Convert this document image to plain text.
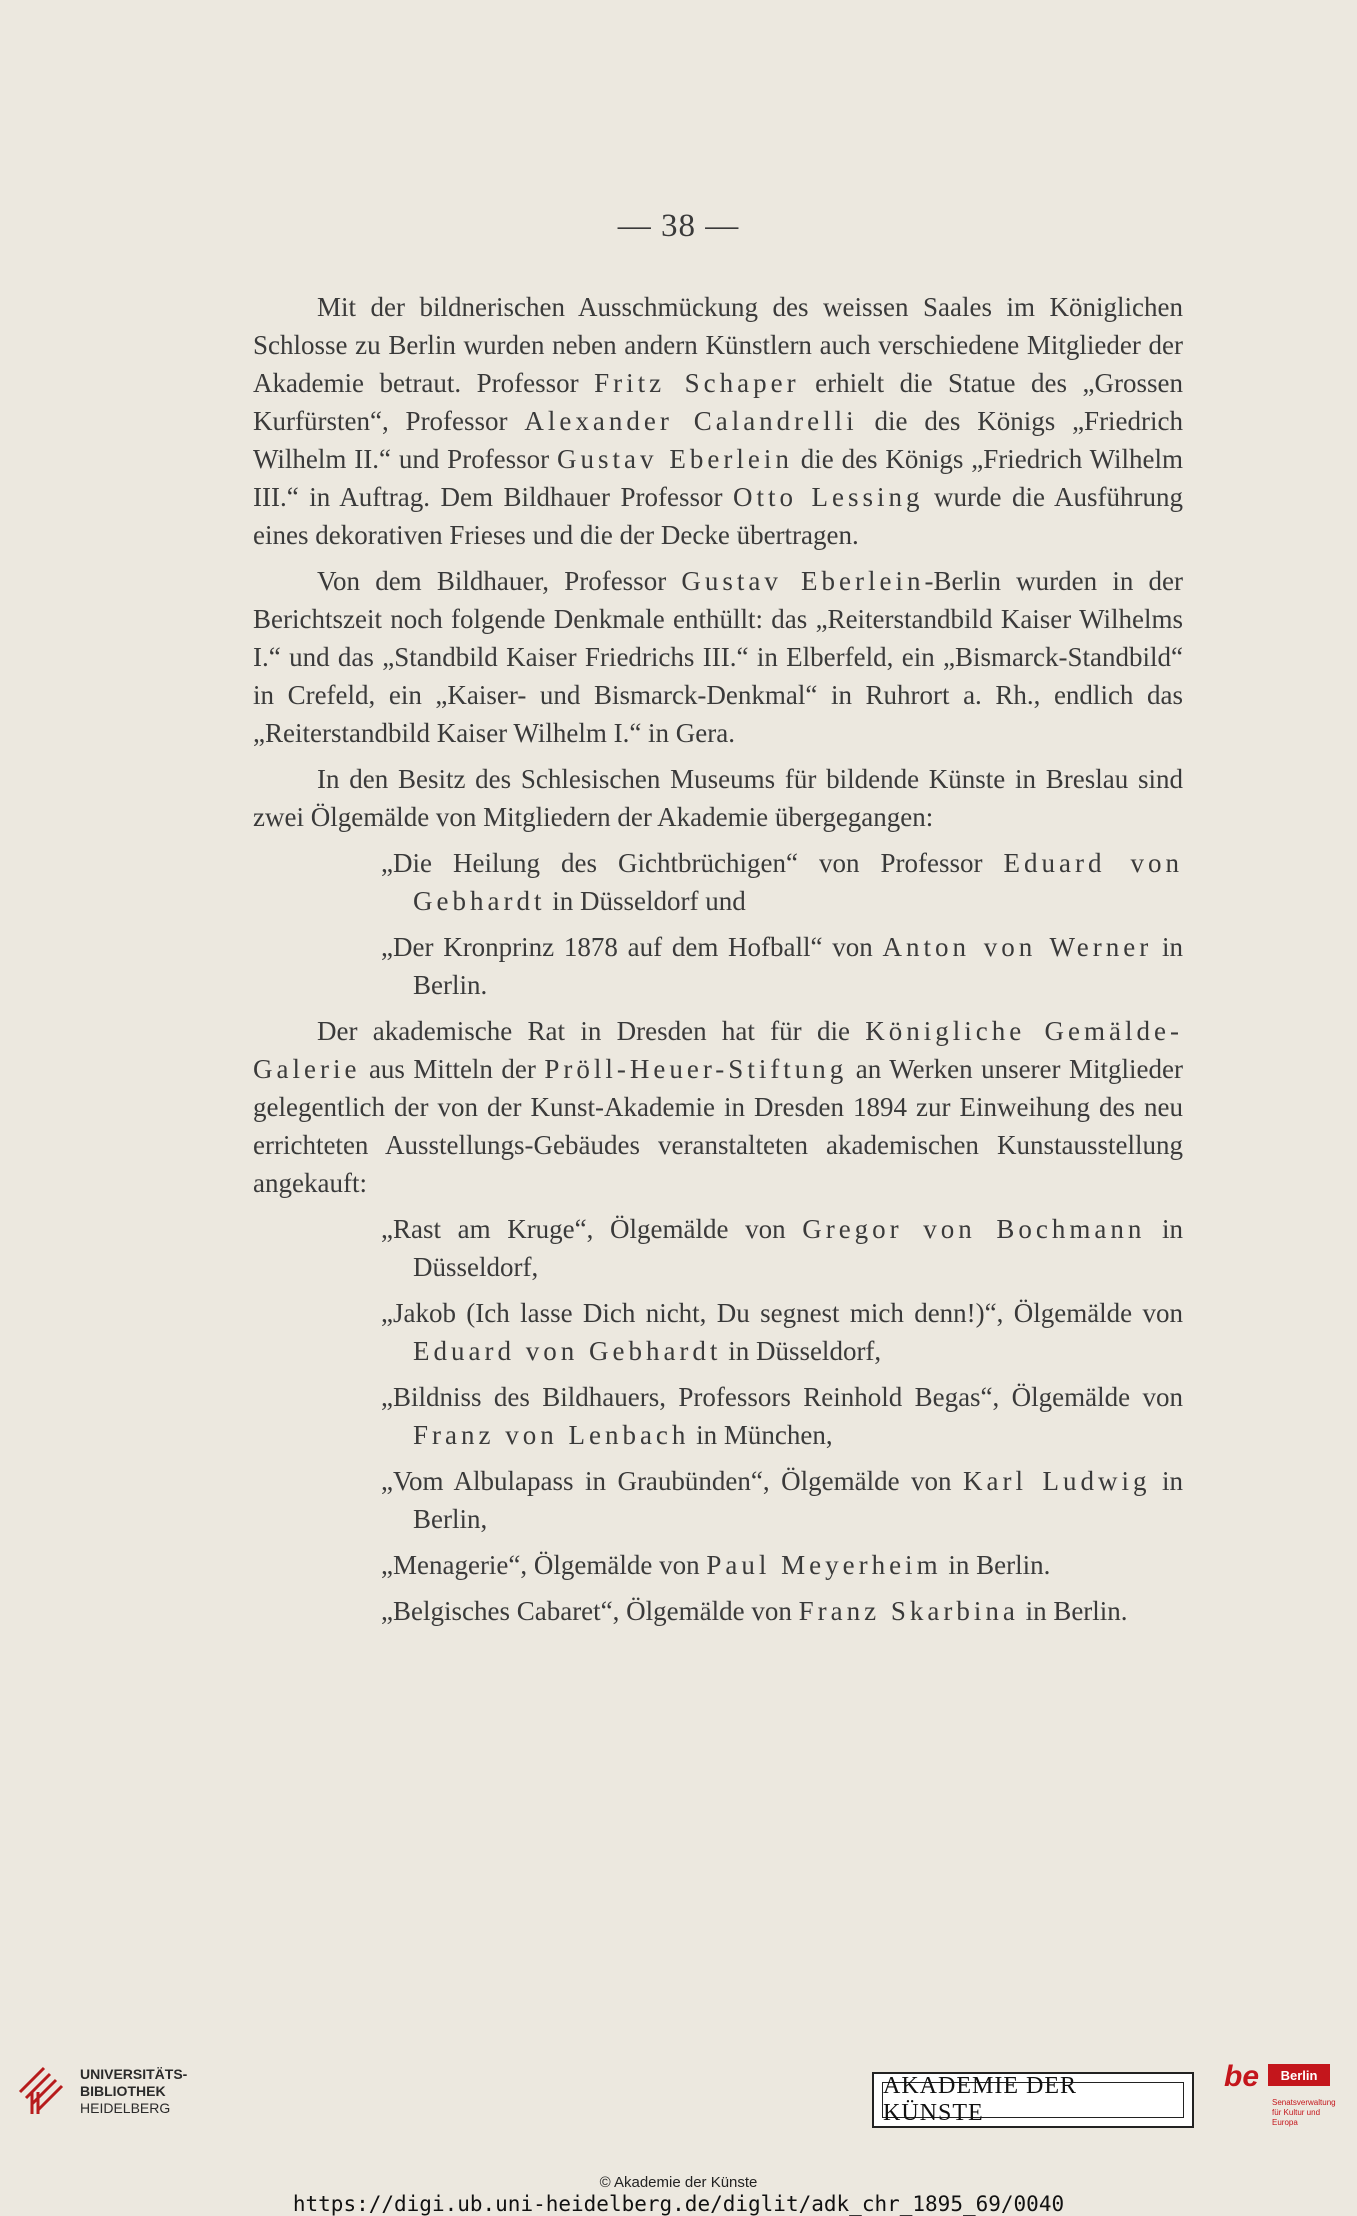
— 38 —

Mit der bildnerischen Ausschmückung des weissen Saales im Königlichen Schlosse zu Berlin wurden neben andern Künstlern auch verschiedene Mitglieder der Akademie betraut. Professor Fritz Schaper erhielt die Statue des „Grossen Kurfürsten“, Professor Alexander Calandrelli die des Königs „Friedrich Wilhelm II.“ und Professor Gustav Eberlein die des Königs „Friedrich Wilhelm III.“ in Auftrag. Dem Bildhauer Professor Otto Lessing wurde die Ausführung eines dekorativen Frieses und die der Decke übertragen.

Von dem Bildhauer, Professor Gustav Eberlein-Berlin wurden in der Berichtszeit noch folgende Denkmale enthüllt: das „Reiterstandbild Kaiser Wilhelms I.“ und das „Standbild Kaiser Friedrichs III.“ in Elberfeld, ein „Bismarck-Standbild“ in Crefeld, ein „Kaiser- und Bismarck-Denkmal“ in Ruhrort a. Rh., endlich das „Reiterstandbild Kaiser Wilhelm I.“ in Gera.

In den Besitz des Schlesischen Museums für bildende Künste in Breslau sind zwei Ölgemälde von Mitgliedern der Akademie übergegangen:

„Die Heilung des Gichtbrüchigen“ von Professor Eduard von Gebhardt in Düsseldorf und

„Der Kronprinz 1878 auf dem Hofball“ von Anton von Werner in Berlin.

Der akademische Rat in Dresden hat für die Königliche Gemälde-Galerie aus Mitteln der Pröll-Heuer-Stiftung an Werken unserer Mitglieder gelegentlich der von der Kunst-Akademie in Dresden 1894 zur Einweihung des neu errichteten Ausstellungs-Gebäudes veranstalteten akademischen Kunstausstellung angekauft:

„Rast am Kruge“, Ölgemälde von Gregor von Bochmann in Düsseldorf,

„Jakob (Ich lasse Dich nicht, Du segnest mich denn!)“, Ölgemälde von Eduard von Gebhardt in Düsseldorf,

„Bildniss des Bildhauers, Professors Reinhold Begas“, Ölgemälde von Franz von Lenbach in München,

„Vom Albulapass in Graubünden“, Ölgemälde von Karl Ludwig in Berlin,

„Menagerie“, Ölgemälde von Paul Meyerheim in Berlin.

„Belgisches Cabaret“, Ölgemälde von Franz Skarbina in Berlin.

UNIVERSITÄTS-
BIBLIOTHEK
HEIDELBERG
AKADEMIE DER KÜNSTE
be	Berlin
Senatsverwaltung für Kultur und Europa
© Akademie der Künste
https://digi.ub.uni-heidelberg.de/diglit/adk_chr_1895_69/0040
